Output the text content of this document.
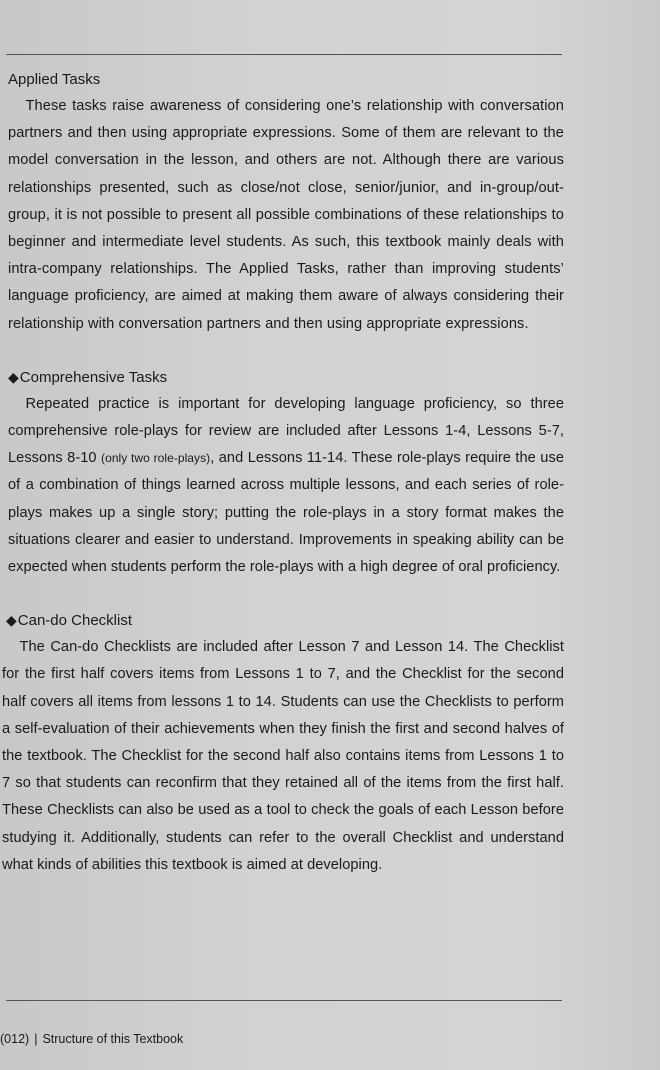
Applied Tasks

These tasks raise awareness of considering one’s relationship with conversation partners and then using appropriate expressions. Some of them are relevant to the model conversation in the lesson, and others are not. Although there are various relationships presented, such as close/not close, senior/junior, and in-group/out-group, it is not possible to present all possible combinations of these relationships to beginner and intermediate level students. As such, this textbook mainly deals with intra-company relationships. The Applied Tasks, rather than improving students’ language proficiency, are aimed at making them aware of always considering their relationship with conversation partners and then using appropriate expressions.

◆Comprehensive Tasks

Repeated practice is important for developing language proficiency, so three comprehensive role-plays for review are included after Lessons 1-4, Lessons 5-7, Lessons 8-10 (only two role-plays), and Lessons 11-14. These role-plays require the use of a combination of things learned across multiple lessons, and each series of role-plays makes up a single story; putting the role-plays in a story format makes the situations clearer and easier to understand. Improvements in speaking ability can be expected when students perform the role-plays with a high degree of oral proficiency.

◆Can-do Checklist

The Can-do Checklists are included after Lesson 7 and Lesson 14. The Checklist for the first half covers items from Lessons 1 to 7, and the Checklist for the second half covers all items from lessons 1 to 14. Students can use the Checklists to perform a self-evaluation of their achievements when they finish the first and second halves of the textbook. The Checklist for the second half also contains items from Lessons 1 to 7 so that students can reconfirm that they retained all of the items from the first half. These Checklists can also be used as a tool to check the goals of each Lesson before studying it. Additionally, students can refer to the overall Checklist and understand what kinds of abilities this textbook is aimed at developing.

(012) | Structure of this Textbook
